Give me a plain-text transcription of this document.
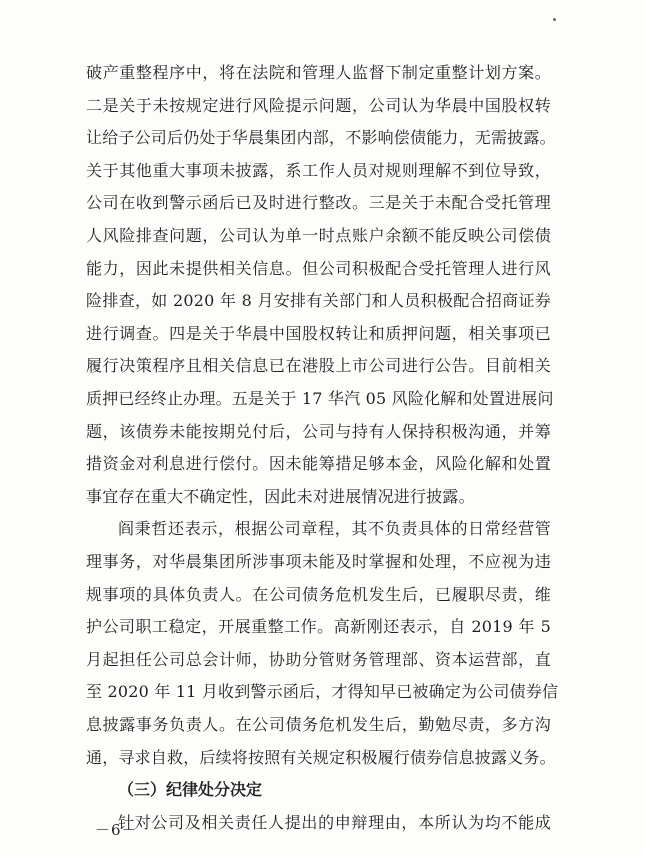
破产重整程序中，将在法院和管理人监督下制定重整计划方案。
二是关于未按规定进行风险提示问题，公司认为华晨中国股权转
让给子公司后仍处于华晨集团内部，不影响偿债能力，无需披露。
关于其他重大事项未披露，系工作人员对规则理解不到位导致，
公司在收到警示函后已及时进行整改。三是关于未配合受托管理
人风险排查问题，公司认为单一时点账户余额不能反映公司偿债
能力，因此未提供相关信息。但公司积极配合受托管理人进行风
险排查，如 2020 年 8 月安排有关部门和人员积极配合招商证券
进行调查。四是关于华晨中国股权转让和质押问题，相关事项已
履行决策程序且相关信息已在港股上市公司进行公告。目前相关
质押已经终止办理。五是关于 17 华汽 05 风险化解和处置进展问
题，该债券未能按期兑付后，公司与持有人保持积极沟通，并筹
措资金对利息进行偿付。因未能筹措足够本金，风险化解和处置
事宜存在重大不确定性，因此未对进展情况进行披露。
阎秉哲还表示，根据公司章程，其不负责具体的日常经营管
理事务，对华晨集团所涉事项未能及时掌握和处理，不应视为违
规事项的具体负责人。在公司债务危机发生后，已履职尽责，维
护公司职工稳定，开展重整工作。高新刚还表示，自 2019 年 5
月起担任公司总会计师，协助分管财务管理部、资本运营部，直
至 2020 年 11 月收到警示函后，才得知早已被确定为公司债券信
息披露事务负责人。在公司债务危机发生后，勤勉尽责，多方沟
通，寻求自救，后续将按照有关规定积极履行债券信息披露义务。
（三）纪律处分决定
针对公司及相关责任人提出的申辩理由，本所认为均不能成
－6－
